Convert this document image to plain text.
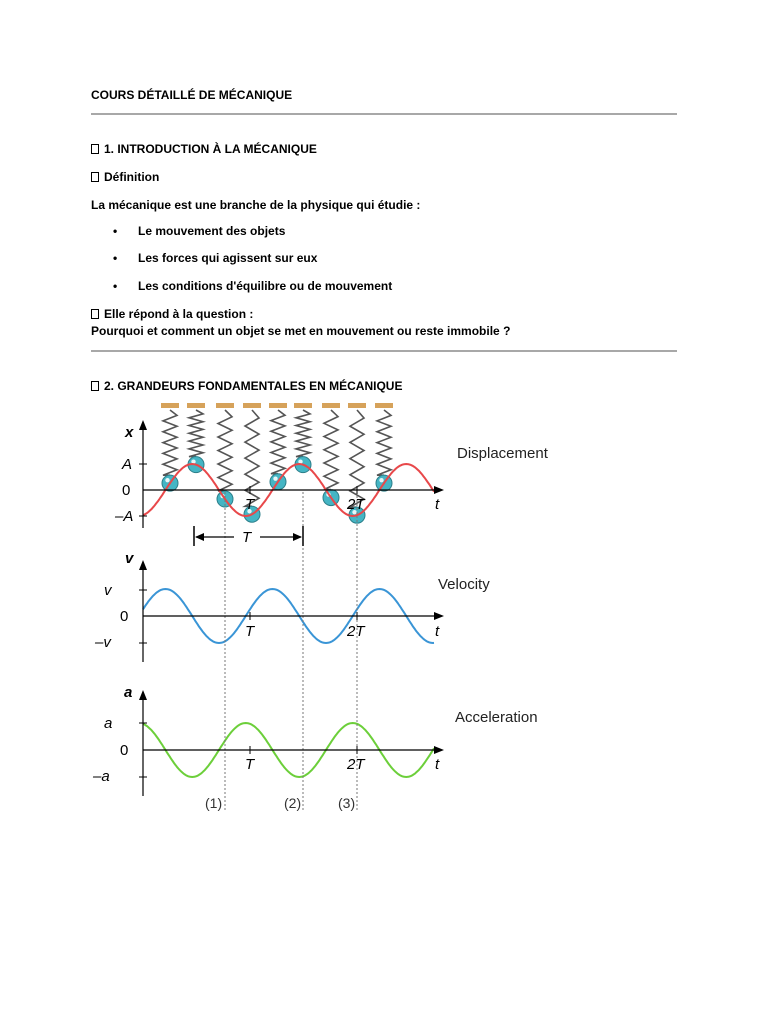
COURS DÉTAILLÉ DE MÉCANIQUE
1. INTRODUCTION À LA MÉCANIQUE
Définition
La mécanique est une branche de la physique qui étudie :
• Le mouvement des objets
• Les forces qui agissent sur eux
• Les conditions d'équilibre ou de mouvement
Elle répond à la question :
Pourquoi et comment un objet se met en mouvement ou reste immobile ?
2. GRANDEURS FONDAMENTALES EN MÉCANIQUE
x
A
0
–A
T	2T	t
Displacement
T
v
v
0
–v
T	2T	t
Velocity
a
a
0
–a
T	2T	t
Acceleration
(1)	(2)	(3)
